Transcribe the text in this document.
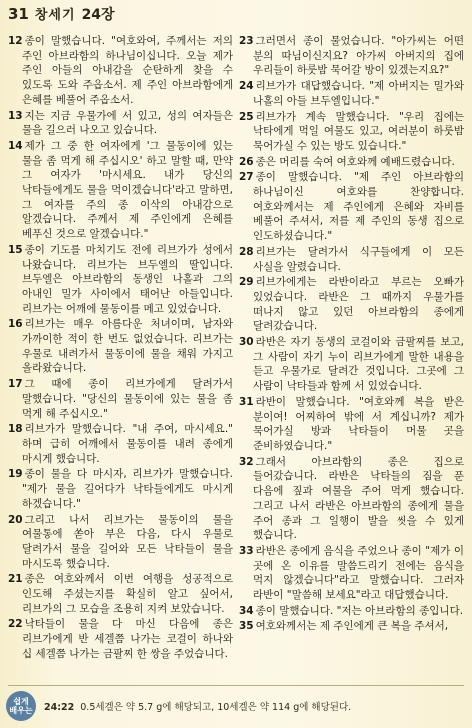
31 창세기 24장

12 종이 말했습니다. "여호와여, 주께서는 저의 주인 아브라함의 하나님이십니다. 오늘 제가 주인 아들의 아내감을 순탄하게 찾을 수 있도록 도와 주옵소서. 제 주인 아브라함에게 은혜를 베풀어 주옵소서.

13 지는 지금 우물가에 서 있고, 성의 여자들은 물을 길으러 나오고 있습니다.

14 제가 그 중 한 여자에게 '그 물동이에 있는 물을 좀 먹게 해 주십시오' 하고 말할 때, 만약 그 여자가 '마시세요. 내가 당신의 낙타들에게도 물을 먹이겠습니다'라고 말하면, 그 여자를 주의 종 이삭의 아내감으로 알겠습니다. 주께서 제 주인에게 은혜를 베푸신 것으로 알겠습니다."

15 종이 기도를 마치기도 전에 리브가가 성에서 나왔습니다. 리브가는 브두엘의 딸입니다. 브두엘은 아브라함의 동생인 나홀과 그의 아내인 밀가 사이에서 태어난 아들입니다. 리브가는 어깨에 물동이를 메고 있었습니다.

16 리브가는 매우 아름다운 처녀이며, 남자와 가까이한 적이 한 번도 없었습니다. 리브가는 우물로 내려가서 물동이에 물을 채워 가지고 올라왔습니다.

17 그 때에 종이 리브가에게 달려가서 말했습니다. "당신의 물동이에 있는 물을 좀 먹게 해 주십시오."

18 리브가가 말했습니다. "내 주여, 마시세요." 하며 급히 어깨에서 물동이를 내려 종에게 마시게 했습니다.

19 종이 물을 다 마시자, 리브가가 말했습니다. "제가 물을 길어다가 낙타들에게도 마시게 하겠습니다."

20 그리고 나서 리브가는 물동이의 물을 여물통에 쏟아 부은 다음, 다시 우물로 달려가서 물을 길어와 모든 낙타들이 물을 마시도록 했습니다.

21 종은 여호와께서 이번 여행을 성공적으로 인도해 주셨는지를 확실히 알고 싶어서, 리브가의 그 모습을 조용히 지켜 보았습니다.

22 낙타들이 물을 다 마신 다음에 종은 리브가에게 반 세겔쯤 나가는 코걸이 하나와 십 세겔쯤 나가는 금팔찌 한 쌍을 주었습니다.

23 그러면서 종이 물었습니다. "아가씨는 어떤 분의 따님이신지요? 아가씨 아버지의 집에 우리들이 하룻밤 묵어갈 방이 있겠는지요?"

24 리브가가 대답했습니다. "제 아버지는 밀가와 나홀의 아들 브두엘입니다."

25 리브가가 계속 말했습니다. "우리 집에는 낙타에게 먹일 여물도 있고, 여러분이 하룻밤 묵어가실 수 있는 방도 있습니다."

26 종은 머리를 숙여 여호와께 예배드렸습니다.

27 종이 말했습니다. "제 주인 아브라함의 하나님이신 여호와를 찬양합니다. 여호와께서는 제 주인에게 은혜와 자비를 베풀어 주셔서, 저를 제 주인의 동생 집으로 인도하셨습니다."

28 리브가는 달려가서 식구들에게 이 모든 사실을 알렸습니다.

29 리브가에게는 라반이라고 부르는 오빠가 있었습니다. 라반은 그 때까지 우물가를 떠나지 않고 있던 아브라함의 종에게 달려갔습니다.

30 라반은 자기 동생의 코걸이와 금팔찌를 보고, 그 사람이 자기 누이 리브가에게 말한 내용을 듣고 우물가로 달려간 것입니다. 그곳에 그 사람이 낙타들과 함께 서 있었습니다.

31 라반이 말했습니다. "여호와께 복을 받은 분이여! 어찌하여 밖에 서 계십니까? 제가 묵어가실 방과 낙타들이 머물 곳을 준비하였습니다."

32 그래서 아브라함의 종은 집으로 들어갔습니다. 라반은 낙타들의 짐을 푼 다음에 짚과 여물을 주어 먹게 했습니다. 그리고 나서 라반은 아브라함의 종에게 물을 주어 종과 그 일행이 발을 씻을 수 있게 했습니다.

33 라반은 종에게 음식을 주었으나 종이 "제가 이 곳에 온 이유를 말씀드리기 전에는 음식을 먹지 않겠습니다"라고 말했습니다. 그러자 라반이 "말씀해 보세요"라고 대답했습니다.

34 종이 말했습니다. "저는 아브라함의 종입니다.

35 여호와께서는 제 주인에게 큰 복을 주셔서,

쉽게
배우는 24:22 0.5세겔은 약 5.7 g에 해당되고, 10세겔은 약 114 g에 해당된다.
